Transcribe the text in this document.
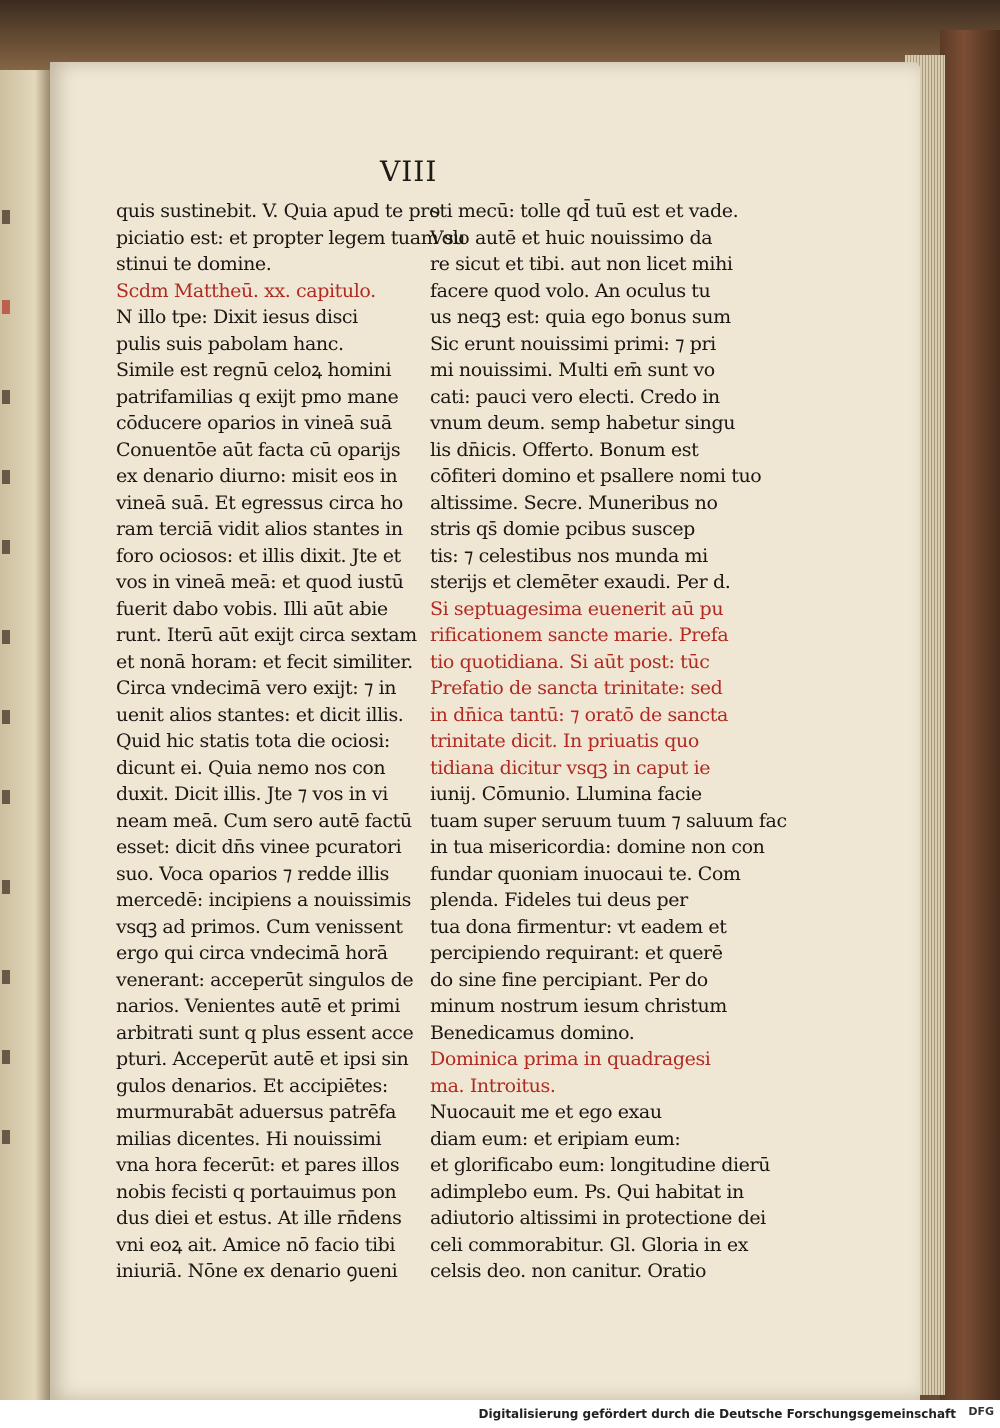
VIII
quis sustinebit. V. Quia apud te pro
piciatio est: et propter legem tuam su
stinui te domine.
Scdm Mattheū. xx. capitulo.
N illo tpe: Dixit iesus disci
pulis suis pabolam hanc.
Simile est regnū celoꝝ homini
patrifamilias q exijt pmo mane
cōducere oparios in vineā suā
Conuentōe aūt facta cū oparijs
ex denario diurno: misit eos in
vineā suā. Et egressus circa ho
ram terciā vidit alios stantes in
foro ociosos: et illis dixit. Jte et
vos in vineā meā: et quod iustū
fuerit dabo vobis. Illi aūt abie
runt. Iterū aūt exijt circa sextam
et nonā horam: et fecit similiter.
Circa vndecimā vero exijt: ⁊ in
uenit alios stantes: et dicit illis.
Quid hic statis tota die ociosi:
dicunt ei. Quia nemo nos con
duxit. Dicit illis. Jte ⁊ vos in vi
neam meā. Cum sero autē factū
esset: dicit dn̄s vinee pcuratori
suo. Voca oparios ⁊ redde illis
mercedē: incipiens a nouissimis
vsqꝫ ad primos. Cum venissent
ergo qui circa vndecimā horā
venerant: acceperūt singulos de
narios. Venientes autē et primi
arbitrati sunt q plus essent acce
pturi. Acceperūt autē et ipsi sin
gulos denarios. Et accipiētes:
murmurabāt aduersus patrēfa
milias dicentes. Hi nouissimi
vna hora fecerūt: et pares illos
nobis fecisti q portauimus pon
dus diei et estus. At ille rn̄dens
vni eoꝝ ait. Amice nō facio tibi
iniuriā. Nōne ex denario ꝯueni
sti mecū: tolle qd̄ tuū est et vade.
Volo autē et huic nouissimo da
re sicut et tibi. aut non licet mihi
facere quod volo. An oculus tu
us neqꝫ est: quia ego bonus sum
Sic erunt nouissimi primi: ⁊ pri
mi nouissimi. Multi em̄ sunt vo
cati: pauci vero electi. Credo in
vnum deum. semp habetur singu
lis dn̄icis. Offerto. Bonum est
cōfiteri domino et psallere nomi tuo
altissime. Secre. Muneribus no
stris qs̄ domie pcibus suscep
tis: ⁊ celestibus nos munda mi
sterijs et clemēter exaudi. Per d.
Si septuagesima euenerit aū pu
rificationem sancte marie. Prefa
tio quotidiana. Si aūt post: tūc
Prefatio de sancta trinitate: sed
in dn̄ica tantū: ⁊ oratō de sancta
trinitate dicit. In priuatis quo
tidiana dicitur vsqꝫ in caput ie
iunij. Cōmunio. Llumina facie
tuam super seruum tuum ⁊ saluum fac
in tua misericordia: domine non con
fundar quoniam inuocaui te. Com
plenda. Fideles tui deus per
tua dona firmentur: vt eadem et
percipiendo requirant: et querē
do sine fine percipiant. Per do
minum nostrum iesum christum
Benedicamus domino.
Dominica prima in quadragesi
ma. Introitus.
Nuocauit me et ego exau
diam eum: et eripiam eum:
et glorificabo eum: longitudine dierū
adimplebo eum. Ps. Qui habitat in
adiutorio altissimi in protectione dei
celi commorabitur. Gl. Gloria in ex
celsis deo. non canitur. Oratio
Digitalisierung gefördert durch die Deutsche Forschungsgemeinschaft DFG
